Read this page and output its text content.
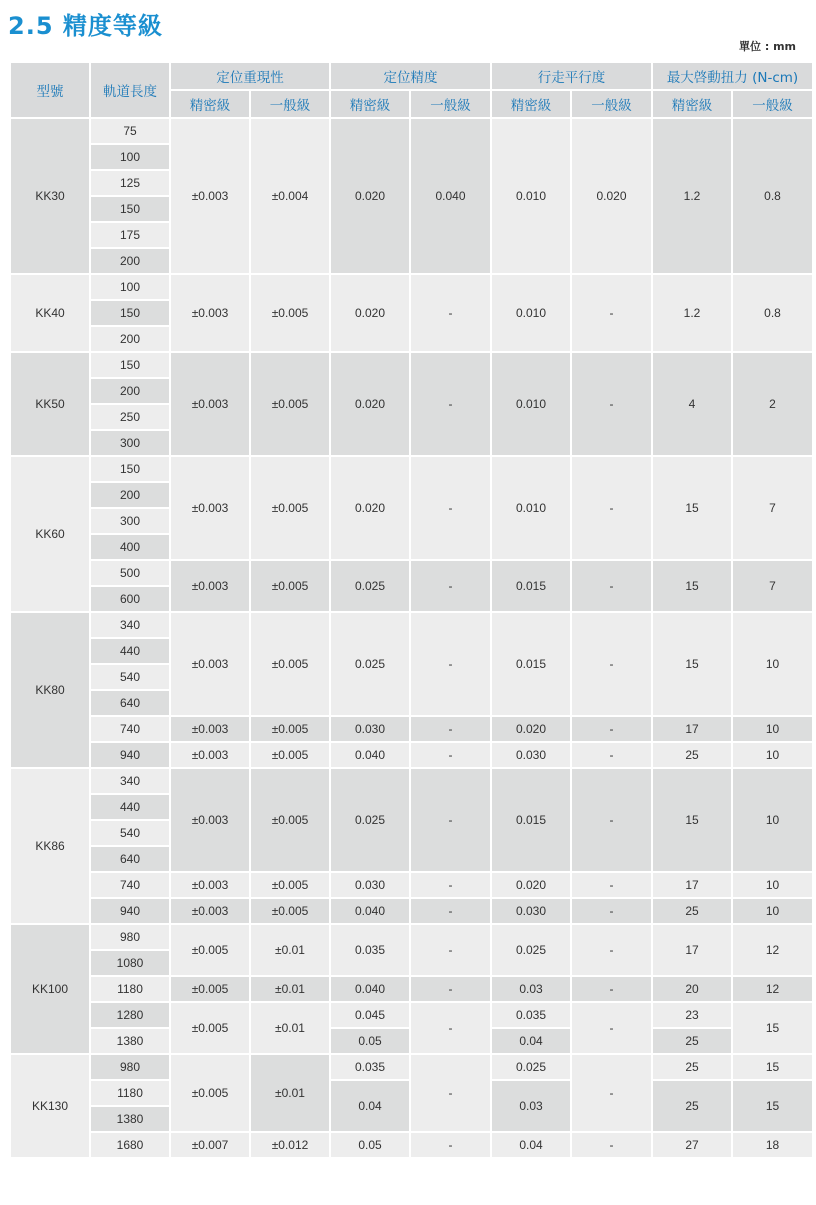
2.5 精度等級
單位 : mm
型號	軌道長度	定位重現性		定位精度		行走平行度		最大啓動扭力 (N-cm)	
		精密級	一般級	精密級	一般級	精密級	一般級	精密級	一般級
KK30	75	±0.003	±0.004	0.020	0.040	0.010	0.020	1.2	0.8
	100								
	125								
	150								
	175								
	200								
KK40	100	±0.003	±0.005	0.020	-	0.010	-	1.2	0.8
	150								
	200								
KK50	150	±0.003	±0.005	0.020	-	0.010	-	4	2
	200								
	250								
	300								
KK60	150	±0.003	±0.005	0.020	-	0.010	-	15	7
	200								
	300								
	400								
	500	±0.003	±0.005	0.025	-	0.015	-	15	7
	600								
KK80	340	±0.003	±0.005	0.025	-	0.015	-	15	10
	440								
	540								
	640								
	740	±0.003	±0.005	0.030	-	0.020	-	17	10
	940	±0.003	±0.005	0.040	-	0.030	-	25	10
KK86	340	±0.003	±0.005	0.025	-	0.015	-	15	10
	440								
	540								
	640								
	740	±0.003	±0.005	0.030	-	0.020	-	17	10
	940	±0.003	±0.005	0.040	-	0.030	-	25	10
KK100	980	±0.005	±0.01	0.035	-	0.025	-	17	12
	1080								
	1180	±0.005	±0.01	0.040	-	0.03	-	20	12
	1280	±0.005	±0.01	0.045	-	0.035	-	23	15
	1380			0.05		0.04		25	
KK130	980	±0.005	±0.01	0.035	-	0.025	-	25	15
	1180			0.04		0.03		25	15
	1380								
	1680	±0.007	±0.012	0.05	-	0.04	-	27	18
